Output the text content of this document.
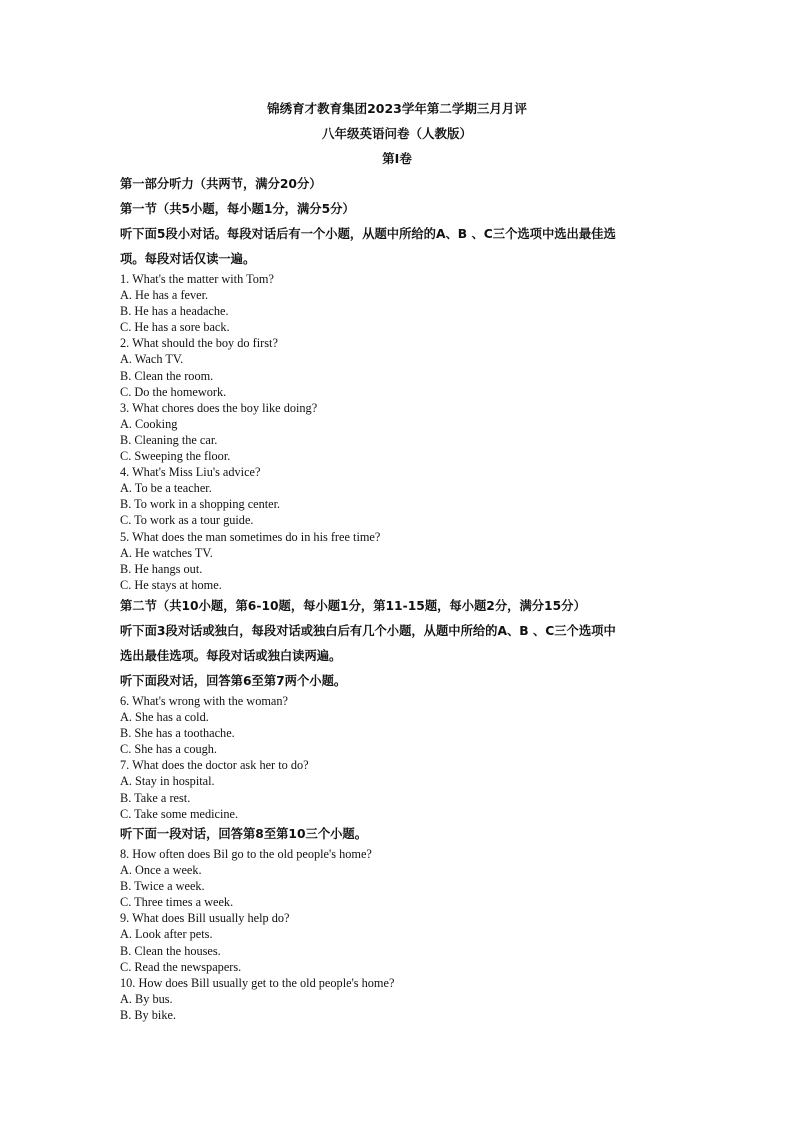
锦绣育才教育集团2023学年第二学期三月月评
八年级英语问卷（人教版）
第Ⅰ卷
第一部分听力（共两节，满分20分）
第一节（共5小题，每小题1分，满分5分）
听下面5段小对话。每段对话后有一个小题，从题中所给的A、B 、C三个选项中选出最佳选
项。每段对话仅读一遍。
1. What's the matter with Tom?
A. He has a fever.
B. He has a headache.
C. He has a sore back.
2. What should the boy do first?
A. Wach TV.
B. Clean the room.
C. Do the homework.
3. What chores does the boy like doing?
A. Cooking
B. Cleaning the car.
C. Sweeping the floor.
4. What's Miss Liu's advice?
A. To be a teacher.
B. To work in a shopping center.
C. To work as a tour guide.
5. What does the man sometimes do in his free time?
A. He watches TV.
B. He hangs out.
C. He stays at home.
第二节（共10小题，第6-10题，每小题1分，第11-15题，每小题2分，满分15分）
听下面3段对话或独白，每段对话或独白后有几个小题，从题中所给的A、B 、C三个选项中
选出最佳选项。每段对话或独白读两遍。
听下面段对话，回答第6至第7两个小题。
6. What's wrong with the woman?
A. She has a cold.
B. She has a toothache.
C. She has a cough.
7. What does the doctor ask her to do?
A. Stay in hospital.
B. Take a rest.
C. Take some medicine.
听下面一段对话，回答第8至第10三个小题。
8. How often does Bil go to the old people's home?
A. Once a week.
B. Twice a week.
C. Three times a week.
9. What does Bill usually help do?
A. Look after pets.
B. Clean the houses.
C. Read the newspapers.
10. How does Bill usually get to the old people's home?
A. By bus.
B. By bike.
